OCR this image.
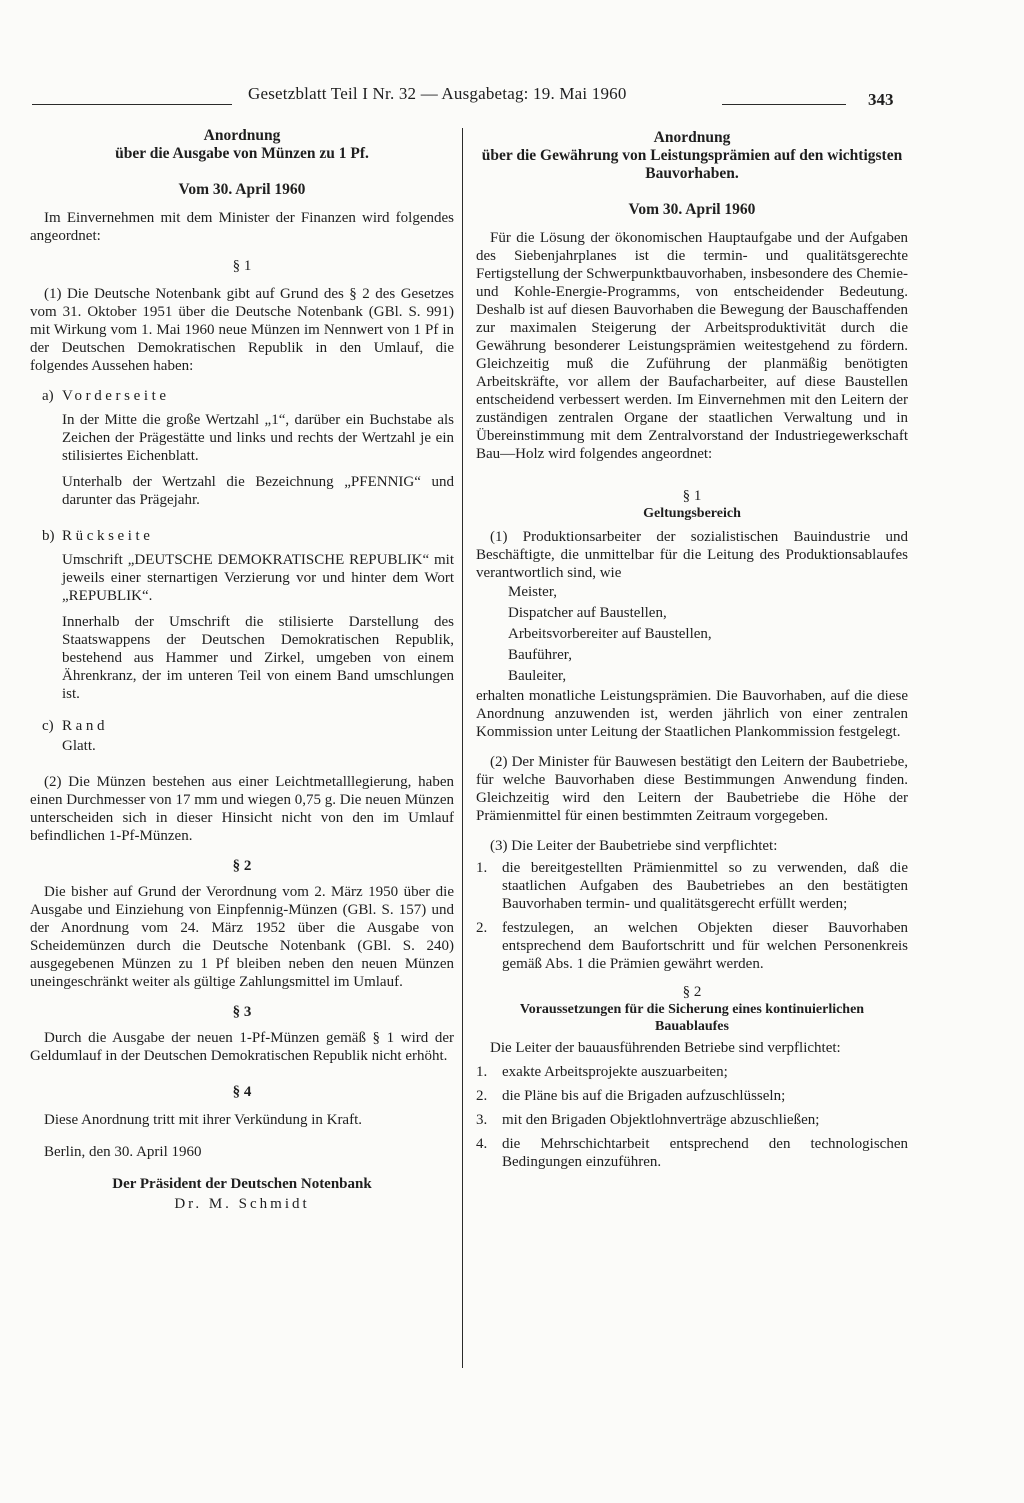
Gesetzblatt Teil I Nr. 32 — Ausgabetag: 19. Mai 1960	343
Anordnung
über die Ausgabe von Münzen zu 1 Pf.
Vom 30. April 1960
Im Einvernehmen mit dem Minister der Finanzen wird folgendes angeordnet:
§ 1
(1) Die Deutsche Notenbank gibt auf Grund des § 2 des Gesetzes vom 31. Oktober 1951 über die Deutsche Notenbank (GBl. S. 991) mit Wirkung vom 1. Mai 1960 neue Münzen im Nennwert von 1 Pf in der Deutschen Demokratischen Republik in den Umlauf, die folgendes Aussehen haben:
a) Vorderseite
In der Mitte die große Wertzahl „1“, darüber ein Buchstabe als Zeichen der Prägestätte und links und rechts der Wertzahl je ein stilisiertes Eichenblatt.
Unterhalb der Wertzahl die Bezeichnung „PFENNIG“ und darunter das Prägejahr.
b) Rückseite
Umschrift „DEUTSCHE DEMOKRATISCHE REPUBLIK“ mit jeweils einer sternartigen Verzierung vor und hinter dem Wort „REPUBLIK“.
Innerhalb der Umschrift die stilisierte Darstellung des Staatswappens der Deutschen Demokratischen Republik, bestehend aus Hammer und Zirkel, umgeben von einem Ährenkranz, der im unteren Teil von einem Band umschlungen ist.
c) Rand
Glatt.
(2) Die Münzen bestehen aus einer Leichtmetalllegierung, haben einen Durchmesser von 17 mm und wiegen 0,75 g. Die neuen Münzen unterscheiden sich in dieser Hinsicht nicht von den im Umlauf befindlichen 1-Pf-Münzen.
§ 2
Die bisher auf Grund der Verordnung vom 2. März 1950 über die Ausgabe und Einziehung von Einpfennig-Münzen (GBl. S. 157) und der Anordnung vom 24. März 1952 über die Ausgabe von Scheidemünzen durch die Deutsche Notenbank (GBl. S. 240) ausgegebenen Münzen zu 1 Pf bleiben neben den neuen Münzen uneingeschränkt weiter als gültige Zahlungsmittel im Umlauf.
§ 3
Durch die Ausgabe der neuen 1-Pf-Münzen gemäß § 1 wird der Geldumlauf in der Deutschen Demokratischen Republik nicht erhöht.
§ 4
Diese Anordnung tritt mit ihrer Verkündung in Kraft.
Berlin, den 30. April 1960
Der Präsident der Deutschen Notenbank
Dr. M. Schmidt
Anordnung
über die Gewährung von Leistungsprämien auf den wichtigsten Bauvorhaben.
Vom 30. April 1960
Für die Lösung der ökonomischen Hauptaufgabe und der Aufgaben des Siebenjahrplanes ist die termin- und qualitätsgerechte Fertigstellung der Schwerpunktbauvorhaben, insbesondere des Chemie- und Kohle-Energie-Programms, von entscheidender Bedeutung. Deshalb ist auf diesen Bauvorhaben die Bewegung der Bauschaffenden zur maximalen Steigerung der Arbeitsproduktivität durch die Gewährung besonderer Leistungsprämien weitestgehend zu fördern. Gleichzeitig muß die Zuführung der planmäßig benötigten Arbeitskräfte, vor allem der Baufacharbeiter, auf diese Baustellen entscheidend verbessert werden. Im Einvernehmen mit den Leitern der zuständigen zentralen Organe der staatlichen Verwaltung und in Übereinstimmung mit dem Zentralvorstand der Industriegewerkschaft Bau—Holz wird folgendes angeordnet:
§ 1
Geltungsbereich
(1) Produktionsarbeiter der sozialistischen Bauindustrie und Beschäftigte, die unmittelbar für die Leitung des Produktionsablaufes verantwortlich sind, wie
Meister,
Dispatcher auf Baustellen,
Arbeitsvorbereiter auf Baustellen,
Bauführer,
Bauleiter,
erhalten monatliche Leistungsprämien. Die Bauvorhaben, auf die diese Anordnung anzuwenden ist, werden jährlich von einer zentralen Kommission unter Leitung der Staatlichen Plankommission festgelegt.
(2) Der Minister für Bauwesen bestätigt den Leitern der Baubetriebe, für welche Bauvorhaben diese Bestimmungen Anwendung finden. Gleichzeitig wird den Leitern der Baubetriebe die Höhe der Prämienmittel für einen bestimmten Zeitraum vorgegeben.
(3) Die Leiter der Baubetriebe sind verpflichtet:
1. die bereitgestellten Prämienmittel so zu verwenden, daß die staatlichen Aufgaben des Baubetriebes an den bestätigten Bauvorhaben termin- und qualitätsgerecht erfüllt werden;
2. festzulegen, an welchen Objekten dieser Bauvorhaben entsprechend dem Baufortschritt und für welchen Personenkreis gemäß Abs. 1 die Prämien gewährt werden.
§ 2
Voraussetzungen für die Sicherung eines kontinuierlichen Bauablaufes
Die Leiter der bauausführenden Betriebe sind verpflichtet:
1. exakte Arbeitsprojekte auszuarbeiten;
2. die Pläne bis auf die Brigaden aufzuschlüsseln;
3. mit den Brigaden Objektlohnverträge abzuschließen;
4. die Mehrschichtarbeit entsprechend den technologischen Bedingungen einzuführen.
